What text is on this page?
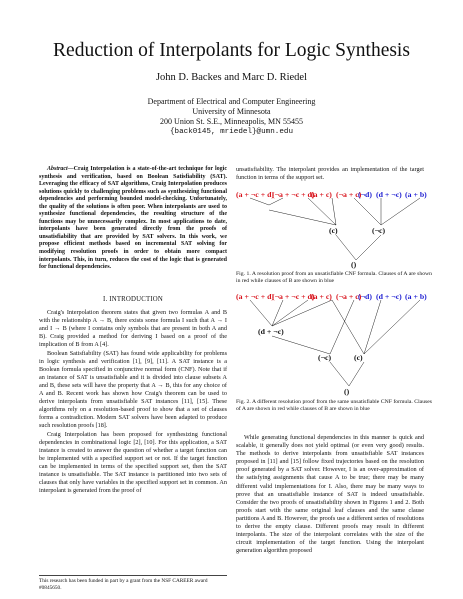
Reduction of Interpolants for Logic Synthesis
John D. Backes and Marc D. Riedel
Department of Electrical and Computer Engineering
University of Minnesota
200 Union St. S.E., Minneapolis, MN 55455
{back0145, mriedel}@umn.edu

Abstract—Craig Interpolation is a state-of-the-art technique for logic synthesis and verification, based on Boolean Satisfiability (SAT). Leveraging the efficacy of SAT algorithms, Craig Interpolation produces solutions quickly to challenging problems such as synthesizing functional dependencies and performing bounded model-checking. Unfortunately, the quality of the solutions is often poor. When interpolants are used to synthesize functional dependencies, the resulting structure of the functions may be unnecessarily complex. In most applications to date, interpolants have been generated directly from the proofs of unsatisfiability that are provided by SAT solvers. In this work, we propose efficient methods based on incremental SAT solving for modifying resolution proofs in order to obtain more compact interpolants. This, in turn, reduces the cost of the logic that is generated for functional dependencies.

I. INTRODUCTION

Craig's Interpolation theorem states that given two formulas A and B with the relationship A → B, there exists some formula I such that A → I and I → B (where I contains only symbols that are present in both A and B). Craig provided a method for deriving I based on a proof of the implication of B from A [4].

Boolean Satisfiability (SAT) has found wide applicability for problems in logic synthesis and verification [1], [9], [11]. A SAT instance is a Boolean formula specified in conjunctive normal form (CNF). Note that if an instance of SAT is unsatisfiable and it is divided into clause subsets A and B, these sets will have the property that A → B, this for any choice of A and B. Recent work has shown how Craig's theorem can be used to derive interpolants from unsatisfiable SAT instances [11], [15]. These algorithms rely on a resolution-based proof to show that a set of clauses forms a contradiction. Modern SAT solvers have been adapted to produce such resolution proofs [18].

Craig Interpolation has been proposed for synthesizing functional dependencies in combinational logic [2], [10]. For this application, a SAT instance is created to answer the question of whether a target function can be implemented with a specified support set or not. If the target function can be implemented in terms of the specified support set, then the SAT instance is unsatisfiable. The SAT instance is partitioned into two sets of clauses that only have variables in the specified support set in common. An interpolant is generated from the proof of

This research has been funded in part by a grant from the NSF CAREER award #0845650.

unsatisfiability. The interpolant provides an implementation of the target function in terms of the support set.

(a + ¬c + d)
(¬a + ¬c + d)
(a + c) (¬a + c)
(¬d) (d + ¬c) (a + b)
(c)	(¬c)
()
Fig. 1. A resolution proof from an unsatisfiable CNF formula. Clauses of A are shown in red while clauses of B are shown in blue
(a + ¬c + d)
(¬a + ¬c + d)
(a + c) (¬a + c)
(¬d) (d + ¬c) (a + b)
(d + ¬c)
(c)
(¬c)
()
Fig. 2. A different resolution proof from the same unsatisfiable CNF formula. Clauses of A are shown in red while clauses of B are shown in blue

While generating functional dependencies in this manner is quick and scalable, it generally does not yield optimal (or even very good) results. The methods to derive interpolants from unsatisfiable SAT instances proposed in [11] and [15] follow fixed trajectories based on the resolution proof generated by a SAT solver. However, I is an over-approximation of the satisfying assignments that cause A to be true; there may be many different valid implementations for I. Also, there may be many ways to prove that an unsatisfiable instance of SAT is indeed unsatisfiable. Consider the two proofs of unsatisfiability shown in Figures 1 and 2. Both proofs start with the same original leaf clauses and the same clause partitions A and B. However, the proofs use a different series of resolutions to derive the empty clause. Different proofs may result in different interpolants. The size of the interpolant correlates with the size of the circuit implementation of the target function. Using the interpolant generation algorithm proposed
